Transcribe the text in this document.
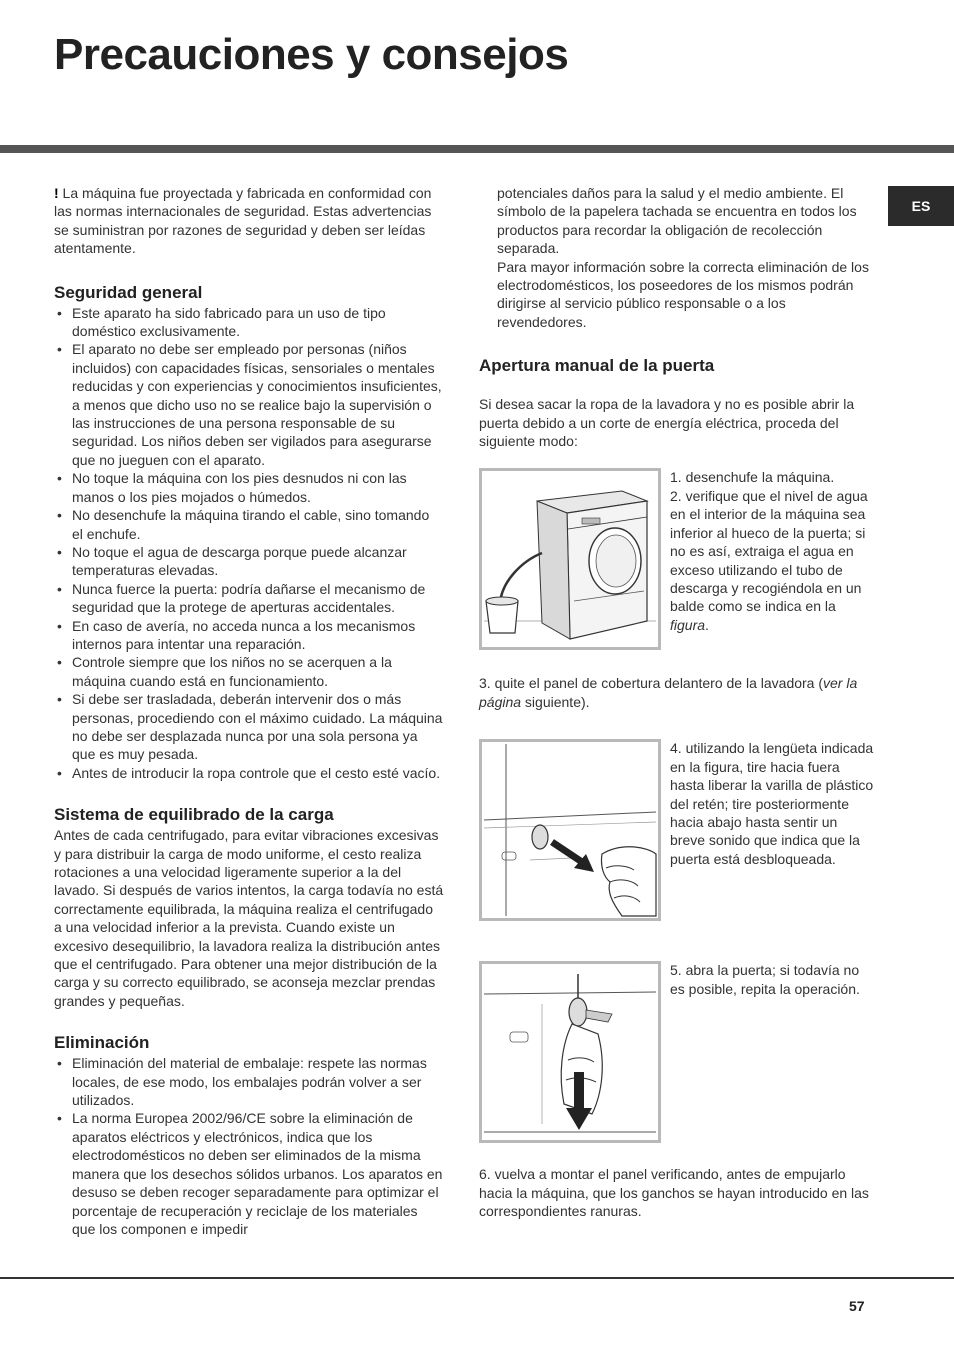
Precauciones y consejos
ES

! La máquina fue proyectada y fabricada en conformidad con las normas internacionales de seguridad. Estas advertencias se suministran por razones de seguridad y deben ser leídas atentamente.

Seguridad general
• Este aparato ha sido fabricado para un uso de tipo doméstico exclusivamente.
• El aparato no debe ser empleado por personas (niños incluidos) con capacidades físicas, sensoriales o mentales reducidas y con experiencias y conocimientos insuficientes, a menos que dicho uso no se realice bajo la supervisión o las instrucciones de una persona responsable de su seguridad. Los niños deben ser vigilados para asegurarse que no jueguen con el aparato.
• No toque la máquina con los pies desnudos ni con las manos o los pies mojados o húmedos.
• No desenchufe la máquina tirando el cable, sino tomando el enchufe.
• No toque el agua de descarga porque puede alcanzar temperaturas elevadas.
• Nunca fuerce la puerta: podría dañarse el mecanismo de seguridad que la protege de aperturas accidentales.
• En caso de avería, no acceda nunca a los mecanismos internos para intentar una reparación.
• Controle siempre que los niños no se acerquen a la máquina cuando está en funcionamiento.
• Si debe ser trasladada, deberán intervenir dos o más personas, procediendo con el máximo cuidado. La máquina no debe ser desplazada nunca por una sola persona ya que es muy pesada.
• Antes de introducir la ropa controle que el cesto esté vacío.
Sistema de equilibrado de la carga

Antes de cada centrifugado, para evitar vibraciones excesivas y para distribuir la carga de modo uniforme, el cesto realiza rotaciones a una velocidad ligeramente superior a la del lavado. Si después de varios intentos, la carga todavía no está correctamente equilibrada, la máquina realiza el centrifugado a una velocidad inferior a la prevista. Cuando existe un excesivo desequilibrio, la lavadora realiza la distribución antes que el centrifugado. Para obtener una mejor distribución de la carga y su correcto equilibrado, se aconseja mezclar prendas grandes y pequeñas.

Eliminación
• Eliminación del material de embalaje: respete las normas locales, de ese modo, los embalajes podrán volver a ser utilizados.
• La norma Europea 2002/96/CE sobre la eliminación de aparatos eléctricos y electrónicos, indica que los electrodomésticos no deben ser eliminados de la misma manera que los desechos sólidos urbanos. Los aparatos en desuso se deben recoger separadamente para optimizar el porcentaje de recuperación y reciclaje de los materiales que los componen e impedir

potenciales daños para la salud y el medio ambiente. El símbolo de la papelera tachada se encuentra en todos los productos para recordar la obligación de recolección separada.

Para mayor información sobre la correcta eliminación de los electrodomésticos, los poseedores de los mismos podrán dirigirse al servicio público responsable o a los revendedores.

Apertura manual de la puerta

Si desea sacar la ropa de la lavadora y no es posible abrir la puerta debido a un corte de energía eléctrica, proceda del siguiente modo:

1. desenchufe la máquina.

2. verifique que el nivel de agua en el interior de la máquina sea inferior al hueco de la puerta; si no es así, extraiga el agua en exceso utilizando el tubo de descarga y recogiéndola en un balde como se indica en la figura.

3. quite el panel de cobertura delantero de la lavadora (ver la página siguiente).

4. utilizando la lengüeta indicada en la figura, tire hacia fuera hasta liberar la varilla de plástico del retén; tire posteriormente hacia abajo hasta sentir un breve sonido que indica que la puerta está desbloqueada.

5. abra la puerta; si todavía no es posible, repita la operación.

6. vuelva a montar el panel verificando, antes de empujarlo hacia la máquina, que los ganchos se hayan introducido en las correspondientes ranuras.

57
